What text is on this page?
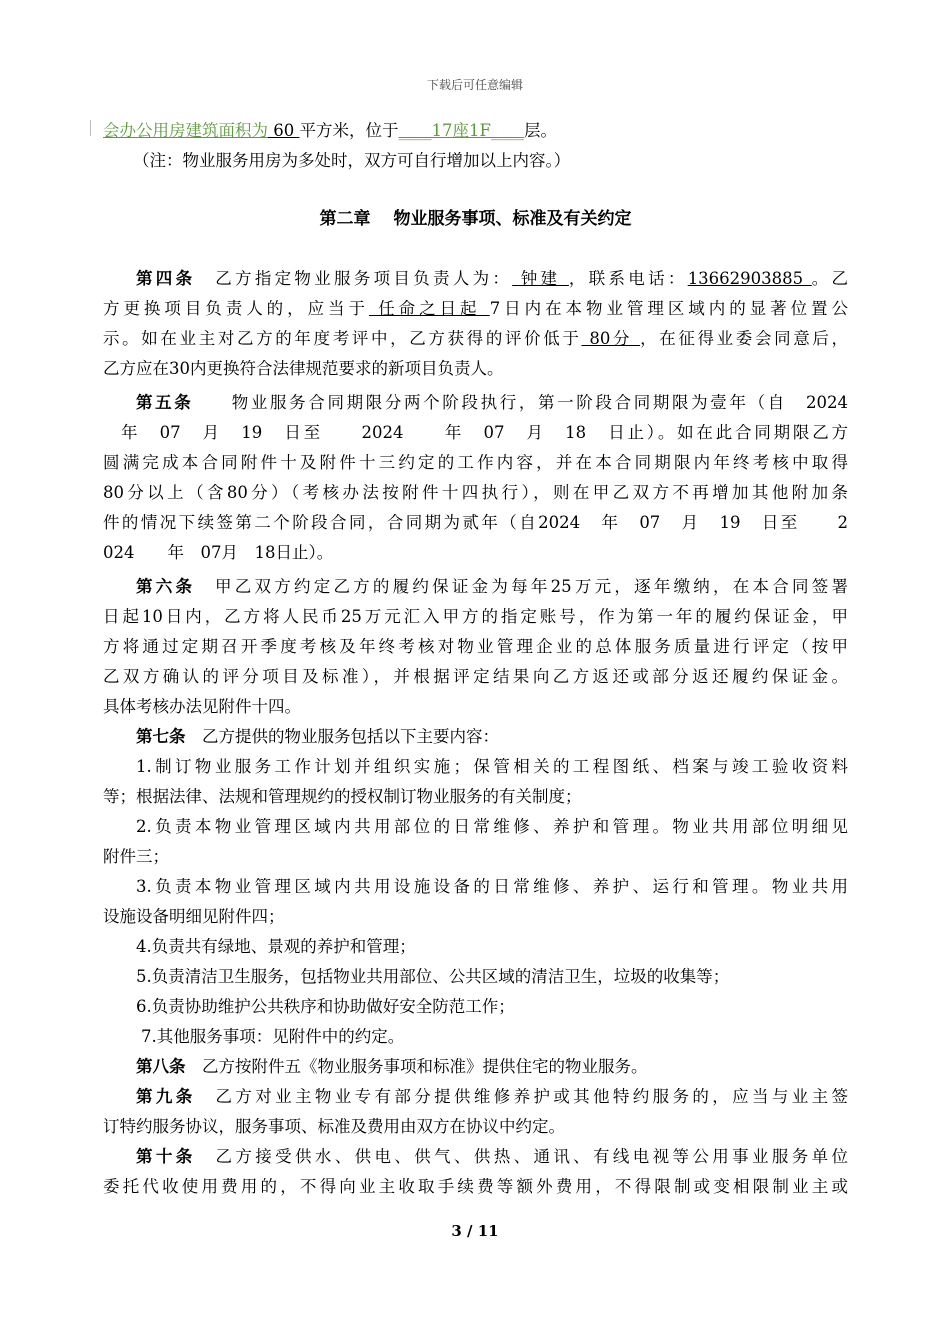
下载后可任意编辑
会办公用房建筑面积为 60 平方米，位于____17座1F____层。
（注：物业服务用房为多处时，双方可自行增加以上内容。）
第二章　 物业服务事项、标准及有关约定
第四条　 乙方指定物业服务项目负责人为： 钟建 ，联系电话：13662903885 。乙
方更换项目负责人的，应当于 任命之日起 7日内在本物业管理区域内的显著位置公
示。如在业主对乙方的年度考评中，乙方获得的评价低于 80分 ，在征得业委会同意后，
乙方应在30内更换符合法律规范要求的新项目负责人。
第五条　　 物业服务合同期限分两个阶段执行，第一阶段合同期限为壹年（自　2024
年　07　月　19　日至　　2024　　年　07　月　18　日止）。如在此合同期限乙方
圆满完成本合同附件十及附件十三约定的工作内容，并在本合同期限内年终考核中取得
80分以上（含80分）（考核办法按附件十四执行），则在甲乙双方不再增加其他附加条
件的情况下续签第二个阶段合同，合同期为贰年（自2024　年　07　月　19　日至　　2
024　　年　07月　18日止）。
第六条　 甲乙双方约定乙方的履约保证金为每年25万元，逐年缴纳，在本合同签署
日起10日内，乙方将人民币25万元汇入甲方的指定账号，作为第一年的履约保证金，甲
方将通过定期召开季度考核及年终考核对物业管理企业的总体服务质量进行评定（按甲
乙双方确认的评分项目及标准），并根据评定结果向乙方返还或部分返还履约保证金。
具体考核办法见附件十四。
第七条　 乙方提供的物业服务包括以下主要内容：
1.制订物业服务工作计划并组织实施；保管相关的工程图纸、档案与竣工验收资料
等；根据法律、法规和管理规约的授权制订物业服务的有关制度；
2.负责本物业管理区域内共用部位的日常维修、养护和管理。物业共用部位明细见
附件三；
3.负责本物业管理区域内共用设施设备的日常维修、养护、运行和管理。物业共用
设施设备明细见附件四；
4.负责共有绿地、景观的养护和管理；
5.负责清洁卫生服务，包括物业共用部位、公共区域的清洁卫生，垃圾的收集等；
6.负责协助维护公共秩序和协助做好安全防范工作；
7.其他服务事项：见附件中的约定。
第八条　 乙方按附件五《物业服务事项和标准》提供住宅的物业服务。
第九条　 乙方对业主物业专有部分提供维修养护或其他特约服务的，应当与业主签
订特约服务协议，服务事项、标准及费用由双方在协议中约定。
第十条　 乙方接受供水、供电、供气、供热、通讯、有线电视等公用事业服务单位
委托代收使用费用的，不得向业主收取手续费等额外费用，不得限制或变相限制业主或
3 / 11
